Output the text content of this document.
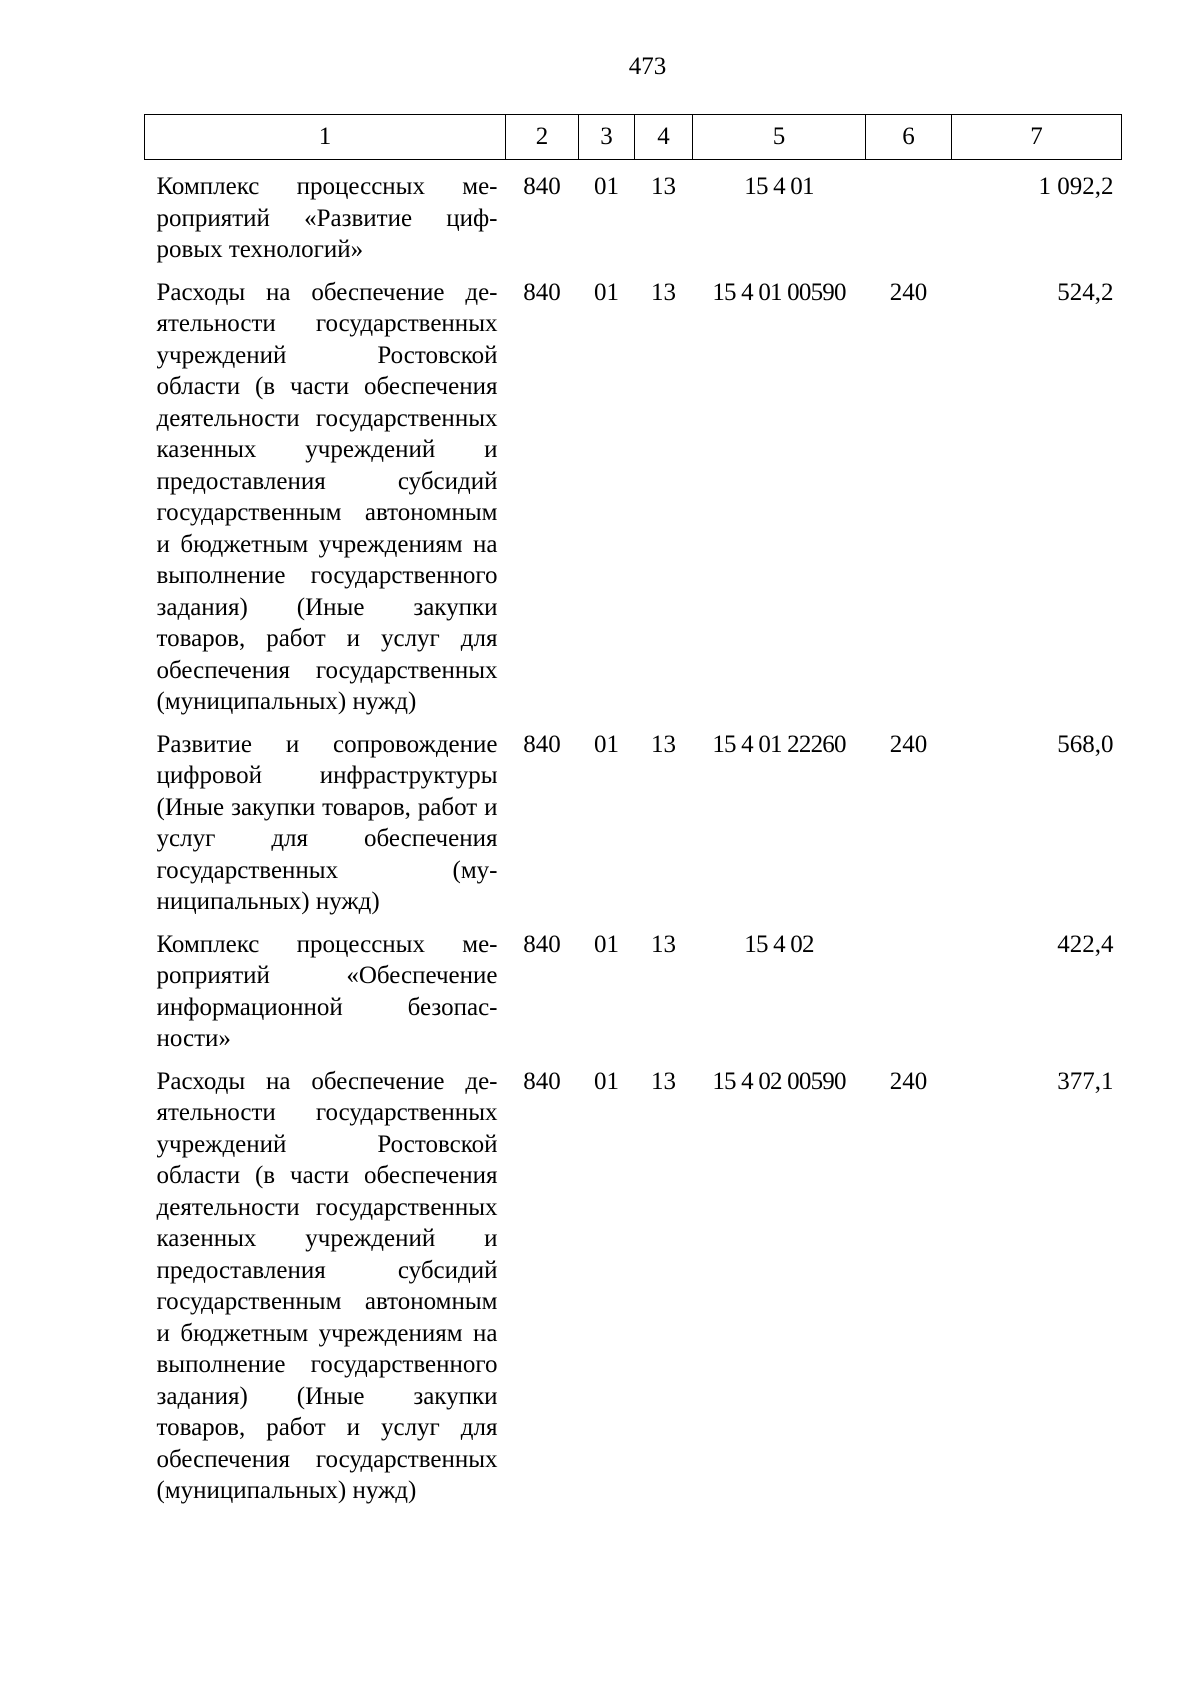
473
1	2	3	4	5	6	7
Комплекс процессных мероприятий «Развитие цифровых технологий»	840	01	13	15 4 01		1 092,2
Расходы на обеспечение деятельности государственных учреждений Ростовской области (в части обеспечения деятельности государственных казенных учреждений и предоставления субсидий государственным автономным и бюджетным учреждениям на выполнение государственного задания) (Иные закупки товаров, работ и услуг для обеспечения государственных (муниципальных) нужд)	840	01	13	15 4 01 00590	240	524,2
Развитие и сопровождение цифровой инфраструктуры (Иные закупки товаров, работ и услуг для обеспечения государственных (муниципальных) нужд)	840	01	13	15 4 01 22260	240	568,0
Комплекс процессных мероприятий «Обеспечение информационной безопасности»	840	01	13	15 4 02		422,4
Расходы на обеспечение деятельности государственных учреждений Ростовской области (в части обеспечения деятельности государственных казенных учреждений и предоставления субсидий государственным автономным и бюджетным учреждениям на выполнение государственного задания) (Иные закупки товаров, работ и услуг для обеспечения государственных (муниципальных) нужд)	840	01	13	15 4 02 00590	240	377,1
